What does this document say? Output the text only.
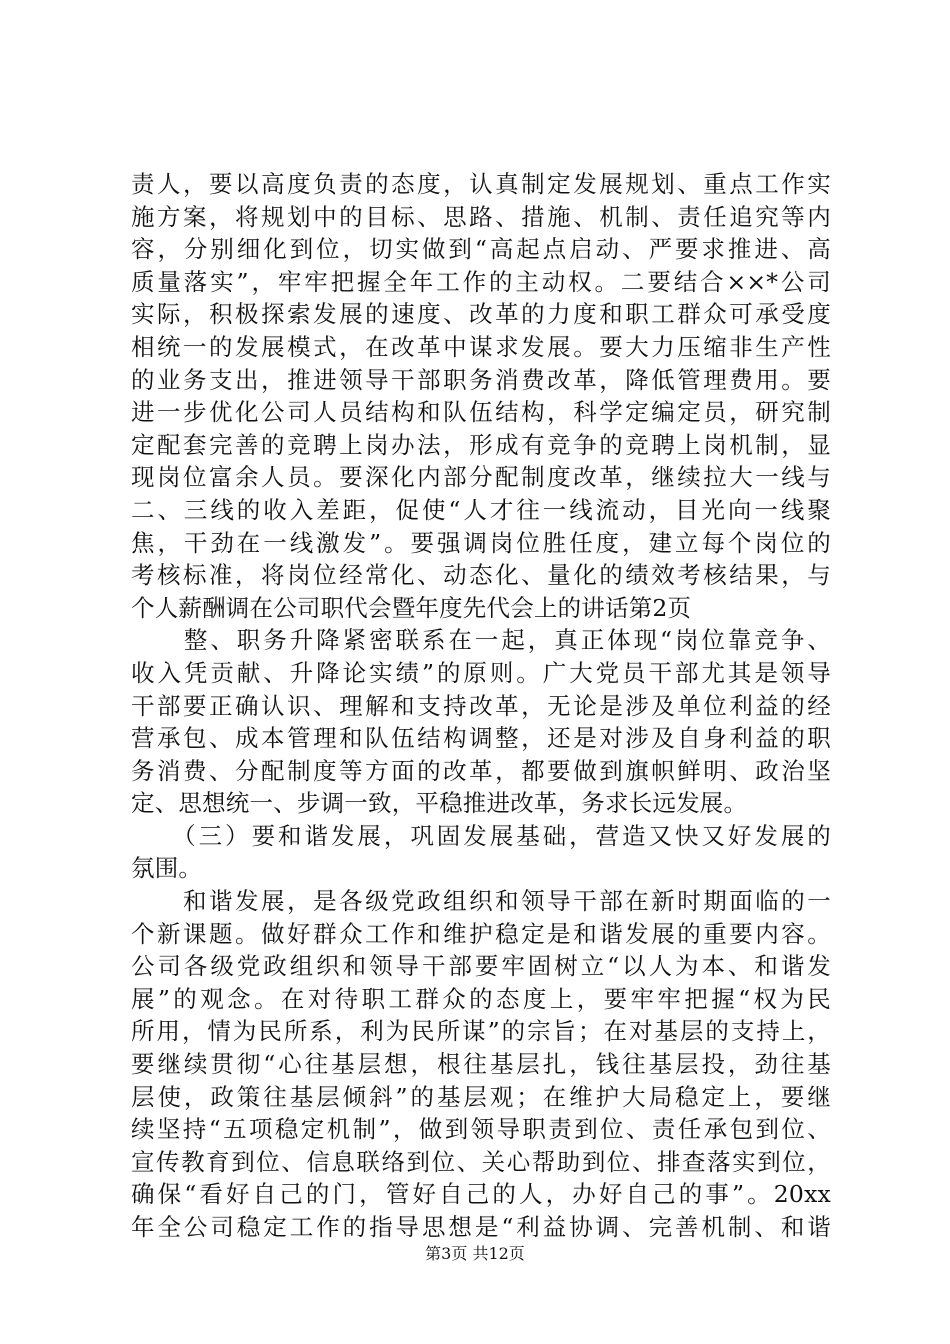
责人，要以高度负责的态度，认真制定发展规划、重点工作实
施方案，将规划中的目标、思路、措施、机制、责任追究等内
容，分别细化到位，切实做到“高起点启动、严要求推进、高
质量落实”，牢牢把握全年工作的主动权。二要结合××*公司
实际，积极探索发展的速度、改革的力度和职工群众可承受度
相统一的发展模式，在改革中谋求发展。要大力压缩非生产性
的业务支出，推进领导干部职务消费改革，降低管理费用。要
进一步优化公司人员结构和队伍结构，科学定编定员，研究制
定配套完善的竞聘上岗办法，形成有竞争的竞聘上岗机制，显
现岗位富余人员。要深化内部分配制度改革，继续拉大一线与
二、三线的收入差距，促使“人才往一线流动，目光向一线聚
焦，干劲在一线激发”。要强调岗位胜任度，建立每个岗位的
考核标准，将岗位经常化、动态化、量化的绩效考核结果，与
个人薪酬调在公司职代会暨年度先代会上的讲话第2页
　　整、职务升降紧密联系在一起，真正体现“岗位靠竞争、
收入凭贡献、升降论实绩”的原则。广大党员干部尤其是领导
干部要正确认识、理解和支持改革，无论是涉及单位利益的经
营承包、成本管理和队伍结构调整，还是对涉及自身利益的职
务消费、分配制度等方面的改革，都要做到旗帜鲜明、政治坚
定、思想统一、步调一致，平稳推进改革，务求长远发展。
　　（三）要和谐发展，巩固发展基础，营造又快又好发展的
氛围。
　　和谐发展，是各级党政组织和领导干部在新时期面临的一
个新课题。做好群众工作和维护稳定是和谐发展的重要内容。
公司各级党政组织和领导干部要牢固树立“以人为本、和谐发
展”的观念。在对待职工群众的态度上，要牢牢把握“权为民
所用，情为民所系，利为民所谋”的宗旨；在对基层的支持上，
要继续贯彻“心往基层想，根往基层扎，钱往基层投，劲往基
层使，政策往基层倾斜”的基层观；在维护大局稳定上，要继
续坚持“五项稳定机制”，做到领导职责到位、责任承包到位、
宣传教育到位、信息联络到位、关心帮助到位、排查落实到位，
确保“看好自己的门，管好自己的人，办好自己的事”。20xx
年全公司稳定工作的指导思想是“利益协调、完善机制、和谐
第3页 共12页
